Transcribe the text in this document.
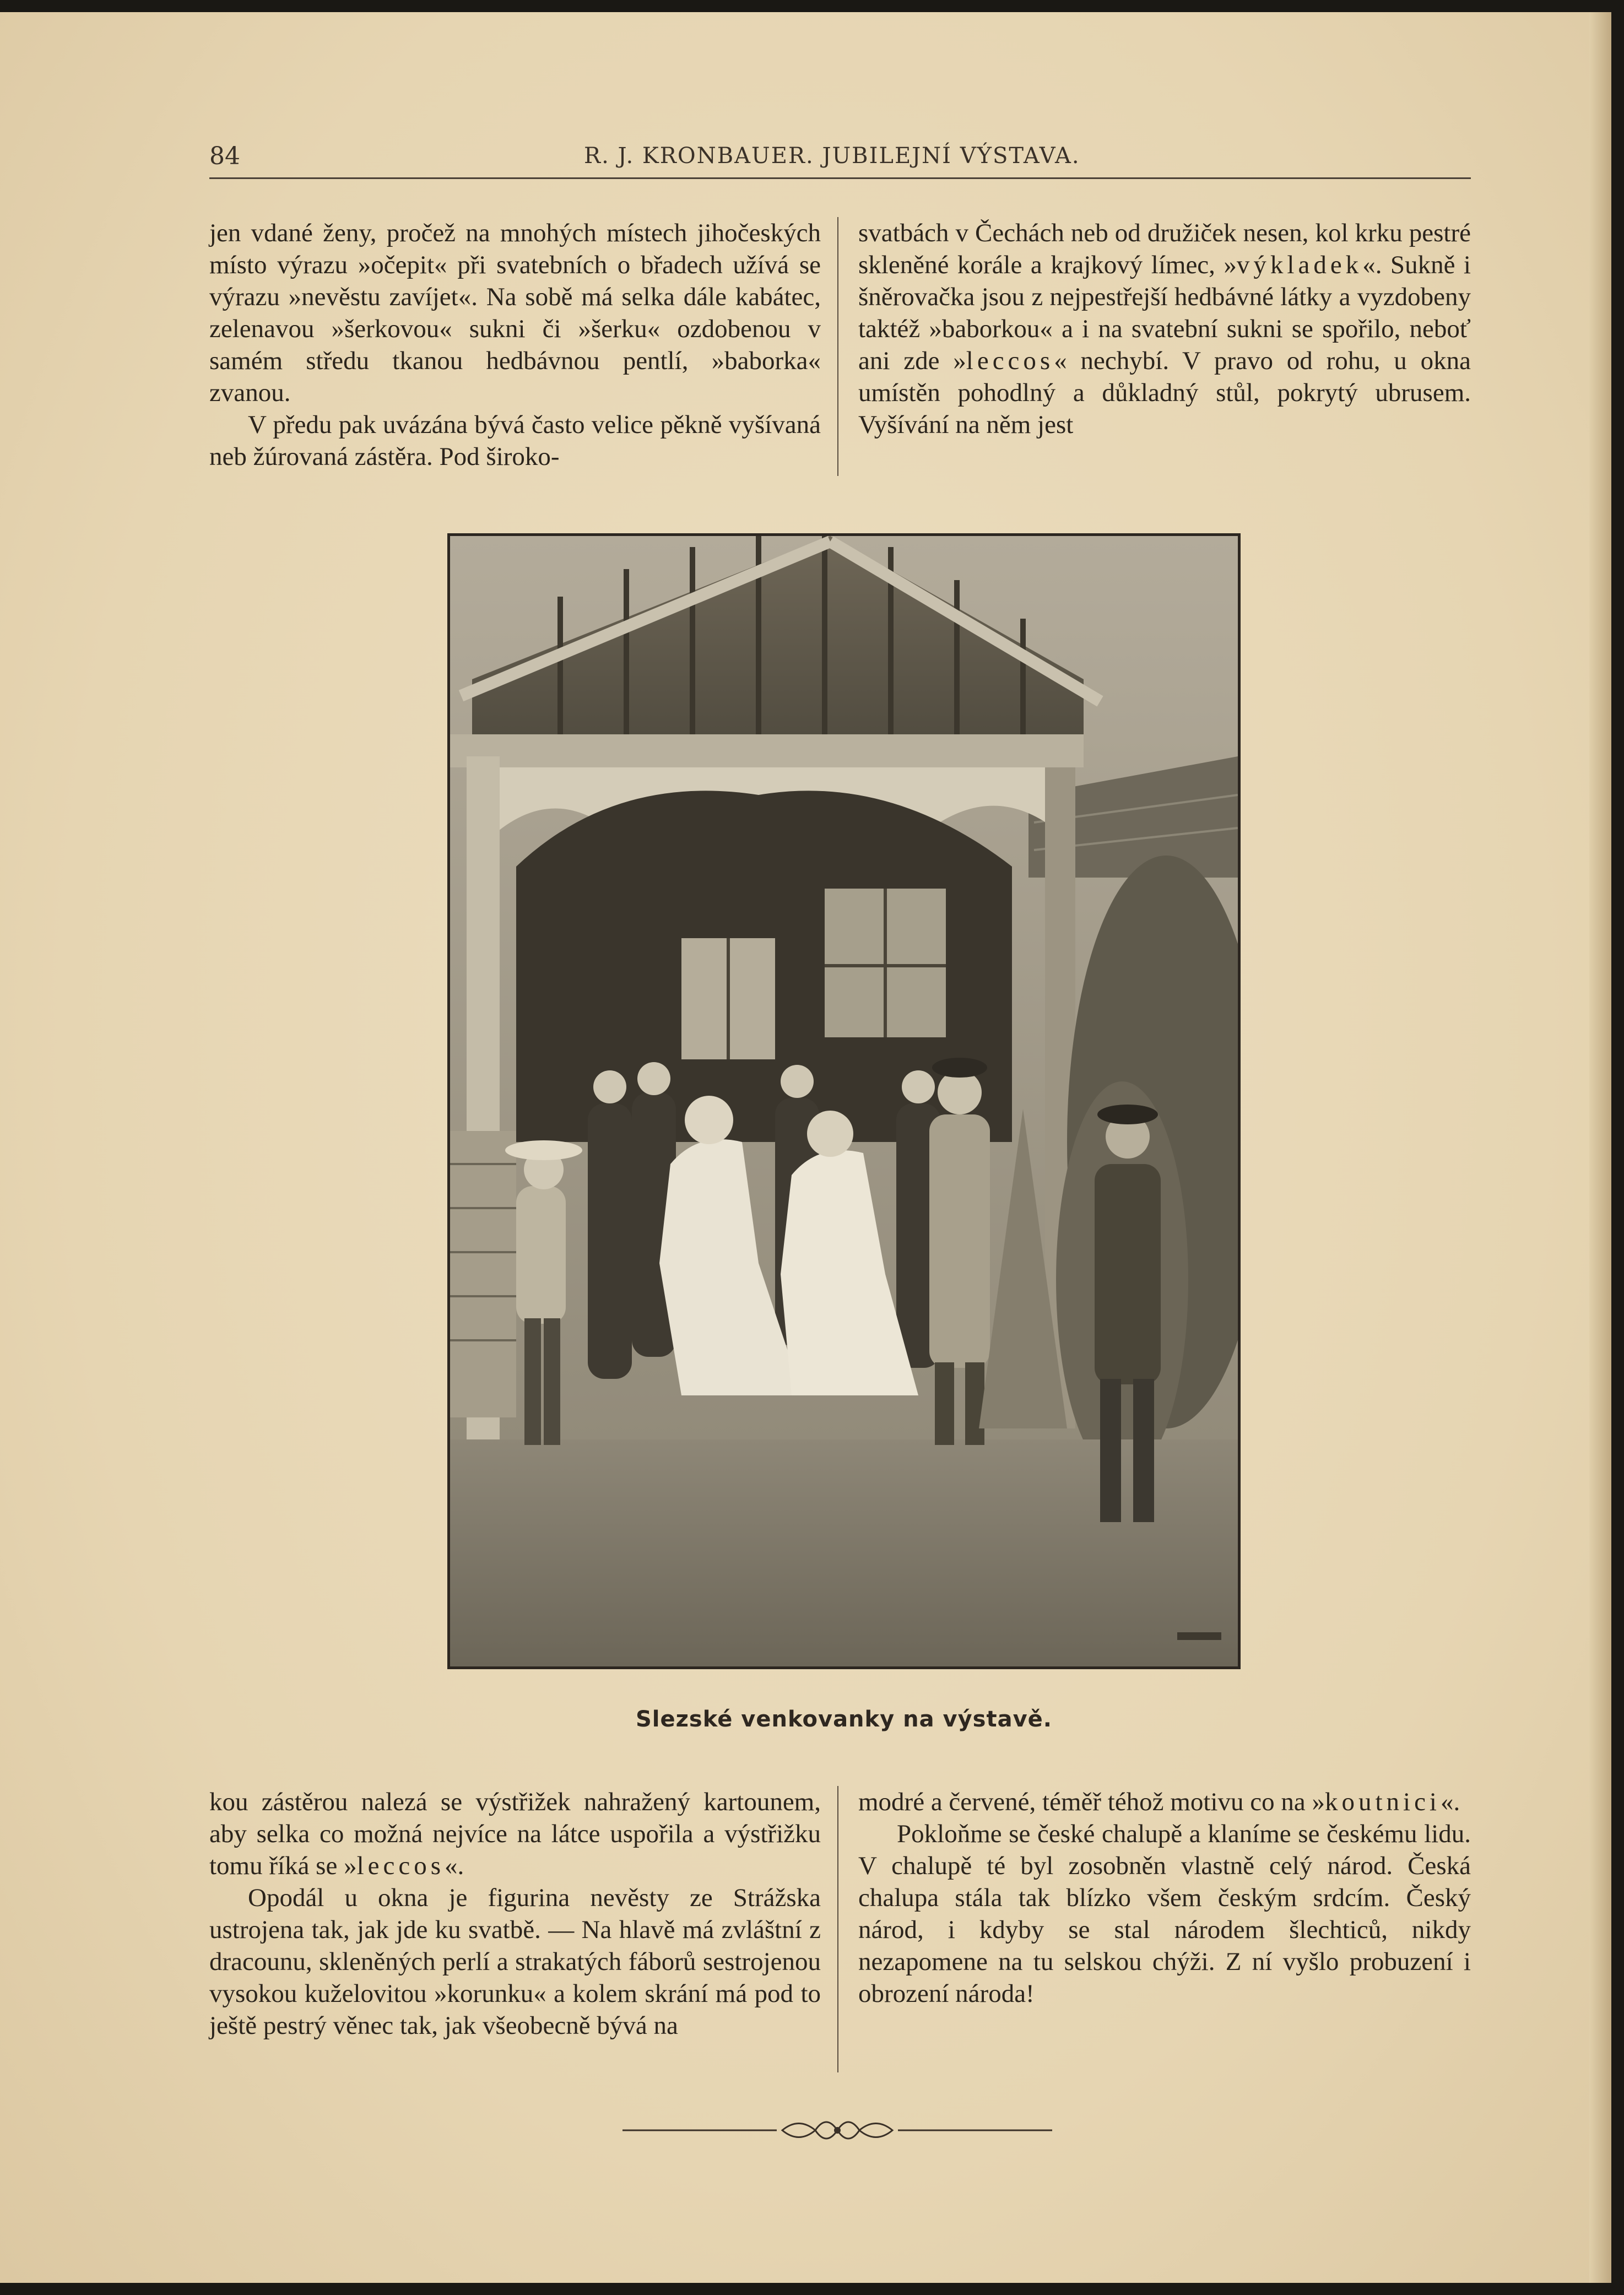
84	R. J. KRONBAUER. JUBILEJNÍ VÝSTAVA.

jen vdané ženy, pročež na mnohých místech jihočeských místo výrazu »očepit« při svatebních o břadech užívá se výrazu »nevěstu zavíjet«. Na sobě má selka dále kabátec, zelenavou »šerkovou« sukni či »šerku« ozdobenou v samém středu tkanou hedbávnou pentlí, »baborka« zvanou.

V předu pak uvázána bývá často velice pěkně vyšívaná neb žúrovaná zástěra. Pod široko-

svatbách v Čechách neb od družiček nesen, kol krku pestré skleněné korále a krajkový límec, »výkladek«. Sukně i šněrovačka jsou z nejpestřejší hedbávné látky a vyzdobeny taktéž »baborkou« a i na svatební sukni se spořilo, neboť ani zde »leccos« nechybí. V pravo od rohu, u okna umístěn pohodlný a důkladný stůl, pokrytý ubrusem. Vyšívání na něm jest

Slezské venkovanky na výstavě.

kou zástěrou nalezá se výstřižek nahražený kartounem, aby selka co možná nejvíce na látce uspořila a výstřižku tomu říká se »leccos«.

Opodál u okna je figurina nevěsty ze Strážska ustrojena tak, jak jde ku svatbě. — Na hlavě má zvláštní z dracounu, skleněných perlí a strakatých fáborů sestrojenou vysokou kuželovitou »korunku« a kolem skrání má pod to ještě pestrý věnec tak, jak všeobecně bývá na

modré a červené, téměř téhož motivu co na »koutnici«.

Pokloňme se české chalupě a klaníme se českému lidu. V chalupě té byl zosobněn vlastně celý národ. Česká chalupa stála tak blízko všem českým srdcím. Český národ, i kdyby se stal národem šlechticů, nikdy nezapomene na tu selskou chýži. Z ní vyšlo probuzení i obrození národa!
